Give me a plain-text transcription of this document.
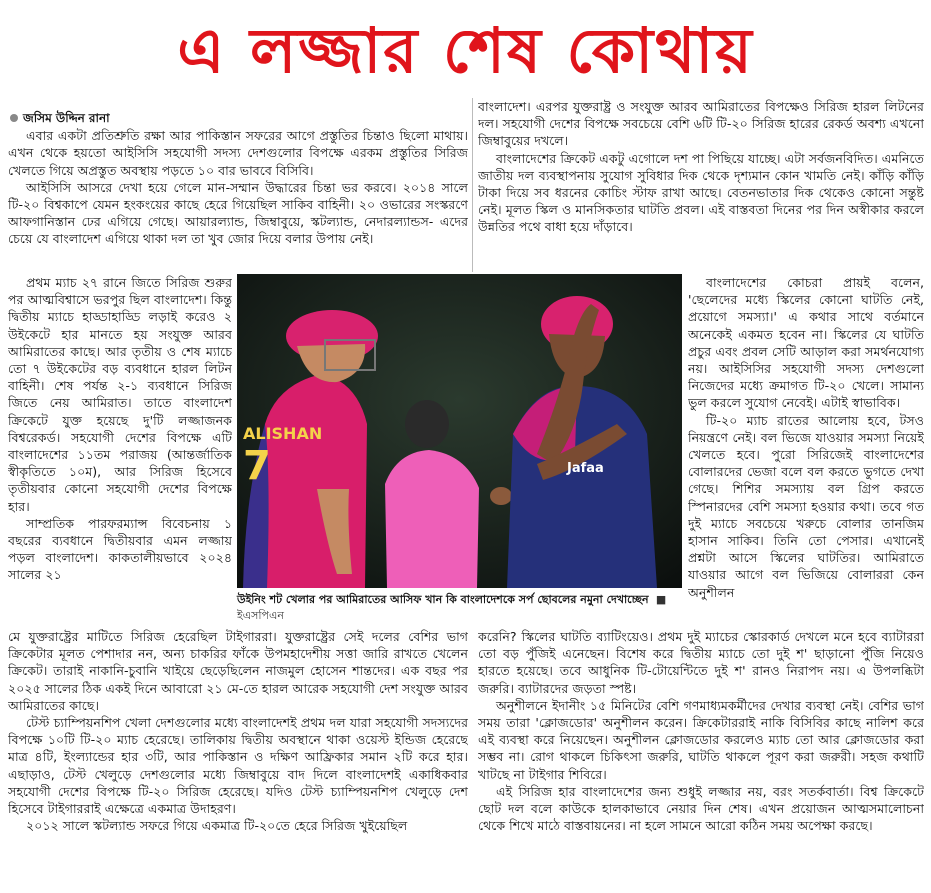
এ লজ্জার শেষ কোথায়

জসিম উদ্দিন রানা

এবার একটা প্রতিশ্রুতি রক্ষা আর পাকিস্তান সফরের আগে প্রস্তুতির চিন্তাও ছিলো মাথায়। এখন থেকে হয়তো আইসিসি সহযোগী সদস্য দেশগুলোর বিপক্ষে এরকম প্রস্তুতির সিরিজ খেলতে গিয়ে অপ্রস্তুত অবস্থায় পড়তে ১০ বার ভাববে বিসিবি।

আইসিসি আসরে দেখা হয়ে গেলে মান-সম্মান উদ্ধারের চিন্তা ভর করবে। ২০১৪ সালে টি-২০ বিশ্বকাপে যেমন হংকংয়ের কাছে হেরে গিয়েছিল সাকিব বাহিনী। ২০ ওভারের সংস্করণে আফগানিস্তান ঢের এগিয়ে গেছে। আয়ারল্যান্ড, জিম্বাবুয়ে, স্কটল্যান্ড, নেদারল্যান্ডস- এদের চেয়ে যে বাংলাদেশ এগিয়ে থাকা দল তা খুব জোর দিয়ে বলার উপায় নেই।

বাংলাদেশ। এরপর যুক্তরাষ্ট্র ও সংযুক্ত আরব আমিরাতের বিপক্ষেও সিরিজ হারল লিটনের দল। সহযোগী দেশের বিপক্ষে সবচেয়ে বেশি ৬টি টি-২০ সিরিজ হারের রেকর্ড অবশ্য এখনো জিম্বাবুয়ের দখলে।

বাংলাদেশের ক্রিকেট একটু এগোলে দশ পা পিছিয়ে যাচ্ছে। এটা সর্বজনবিদিত। এমনিতে জাতীয় দল ব্যবস্থাপনায় সুযোগ সুবিধার দিক থেকে দৃশ্যমান কোন খামতি নেই। কাঁড়ি কাঁড়ি টাকা দিয়ে সব ধরনের কোচিং স্টাফ রাখা আছে। বেতনভাতার দিক থেকেও কোনো সন্তুষ্ট নেই। মূলত স্কিল ও মানসিকতার ঘাটতি প্রবল। এই বাস্তবতা দিনের পর দিন অস্বীকার করলে উন্নতির পথে বাধা হয়ে দাঁড়াবে।

প্রথম ম্যাচ ২৭ রানে জিতে সিরিজ শুরুর পর আত্মবিশ্বাসে ভরপুর ছিল বাংলাদেশ। কিন্তু দ্বিতীয় ম্যাচে হাড্ডাহাড্ডি লড়াই করেও ২ উইকেটে হার মানতে হয় সংযুক্ত আরব আমিরাতের কাছে। আর তৃতীয় ও শেষ ম্যাচে তো ৭ উইকেটের বড় ব্যবধানে হারল লিটন বাহিনী। শেষ পর্যন্ত ২-১ ব্যবধানে সিরিজ জিতে নেয় আমিরাত। তাতে বাংলাদেশ ক্রিকেটে যুক্ত হয়েছে দু'টি লজ্জাজনক বিশ্বরেকর্ড। সহযোগী দেশের বিপক্ষে এটি বাংলাদেশের ১১তম পরাজয় (আন্তর্জাতিক স্বীকৃতিতে ১০ম), আর সিরিজ হিসেবে তৃতীয়বার কোনো সহযোগী দেশের বিপক্ষে হার।

সাম্প্রতিক পারফরম্যান্স বিবেচনায় ১ বছরের ব্যবধানে দ্বিতীয়বার এমন লজ্জায় পড়ল বাংলাদেশ। কাকতালীয়ভাবে ২০২৪ সালের ২১

ALISHAN
7	Jafaa
উইনিং শট খেলার পর আমিরাতের আসিফ খান কি বাংলাদেশকে সর্প ছোবলের নমুনা দেখাচ্ছেন  ■ ইএসপিএন

বাংলাদেশের কোচরা প্রায়ই বলেন, 'ছেলেদের মধ্যে স্কিলের কোনো ঘাটতি নেই, প্রয়োগে সমস্যা।' এ কথার সাথে বর্তমানে অনেকেই একমত হবেন না। স্কিলের যে ঘাটতি প্রচুর এবং প্রবল সেটি আড়াল করা সমর্থনযোগ্য নয়। আইসিসির সহযোগী সদস্য দেশগুলো নিজেদের মধ্যে ক্রমাগত টি-২০ খেলে। সামান্য ভুল করলে সুযোগ নেবেই। এটাই স্বাভাবিক।

টি-২০ ম্যাচ রাতের আলোয় হবে, টসও নিয়ন্ত্রণে নেই। বল ভিজে যাওয়ার সমস্যা নিয়েই খেলতে হবে। পুরো সিরিজেই বাংলাদেশের বোলারদের ভেজা বলে বল করতে ভুগতে দেখা গেছে। শিশির সমস্যায় বল গ্রিপ করতে স্পিনারদের বেশি সমস্যা হওয়ার কথা। তবে গত দুই ম্যাচে সবচেয়ে খরুচে বোলার তানজিম হাসান সাকিব। তিনি তো পেসার। এখানেই প্রশ্নটা আসে স্কিলের ঘাটতির। আমিরাতে যাওয়ার আগে বল ভিজিয়ে বোলাররা কেন অনুশীলন

মে যুক্তরাষ্ট্রের মাটিতে সিরিজ হেরেছিল টাইগাররা। যুক্তরাষ্ট্রের সেই দলের বেশির ভাগ ক্রিকেটার মূলত পেশাদার নন, অন্য চাকরির ফাঁকে উপমহাদেশীয় সত্তা জারি রাখতে খেলেন ক্রিকেট। তারাই নাকানি-চুবানি খাইয়ে ছেড়েছিলেন নাজমুল হোসেন শান্তদের। এক বছর পর ২০২৫ সালের ঠিক একই দিনে আবারো ২১ মে-তে হারল আরেক সহযোগী দেশ সংযুক্ত আরব আমিরাতের কাছে।

টেস্ট চ্যাম্পিয়নশিপ খেলা দেশগুলোর মধ্যে বাংলাদেশই প্রথম দল যারা সহযোগী সদস্যদের বিপক্ষে ১০টি টি-২০ ম্যাচ হেরেছে। তালিকায় দ্বিতীয় অবস্থানে থাকা ওয়েস্ট ইন্ডিজ হেরেছে মাত্র ৪টি, ইংল্যান্ডের হার ৩টি, আর পাকিস্তান ও দক্ষিণ আফ্রিকার সমান ২টি করে হার। এছাড়াও, টেস্ট খেলুড়ে দেশগুলোর মধ্যে জিম্বাবুয়ে বাদ দিলে বাংলাদেশই একাধিকবার সহযোগী দেশের বিপক্ষে টি-২০ সিরিজ হেরেছে। যদিও টেস্ট চ্যাম্পিয়নশিপ খেলুড়ে দেশ হিসেবে টাইগাররাই এক্ষেত্রে একমাত্র উদাহরণ।

২০১২ সালে স্কটল্যান্ড সফরে গিয়ে একমাত্র টি-২০তে হেরে সিরিজ খুইয়েছিল

করেনি? স্কিলের ঘাটতি ব্যাটিংয়েও। প্রথম দুই ম্যাচের স্কোরকার্ড দেখলে মনে হবে ব্যাটাররা তো বড় পুঁজিই এনেছেন। বিশেষ করে দ্বিতীয় ম্যাচে তো দুই শ' ছাড়ানো পুঁজি নিয়েও হারতে হয়েছে। তবে আধুনিক টি-টোয়েন্টিতে দুই শ' রানও নিরাপদ নয়। এ উপলব্ধিটা জরুরি। ব্যাটারদের জড়তা স্পষ্ট।

অনুশীলনে ইদানীং ১৫ মিনিটের বেশি গণমাধ্যমকর্মীদের দেখার ব্যবস্থা নেই। বেশির ভাগ সময় তারা 'ক্লোজডোর' অনুশীলন করেন। ক্রিকেটাররাই নাকি বিসিবির কাছে নালিশ করে এই ব্যবস্থা করে নিয়েছেন। অনুশীলন ক্লোজডোর করলেও ম্যাচ তো আর ক্লোজডোর করা সম্ভব না। রোগ থাকলে চিকিৎসা জরুরি, ঘাটতি থাকলে পূরণ করা জরুরী। সহজ কথাটি খাটছে না টাইগার শিবিরে।

এই সিরিজ হার বাংলাদেশের জন্য শুধুই লজ্জার নয়, বরং সতর্কবার্তা। বিশ্ব ক্রিকেটে ছোট দল বলে কাউকে হালকাভাবে নেয়ার দিন শেষ। এখন প্রয়োজন আত্মসমালোচনা থেকে শিখে মাঠে বাস্তবায়নের। না হলে সামনে আরো কঠিন সময় অপেক্ষা করছে।
